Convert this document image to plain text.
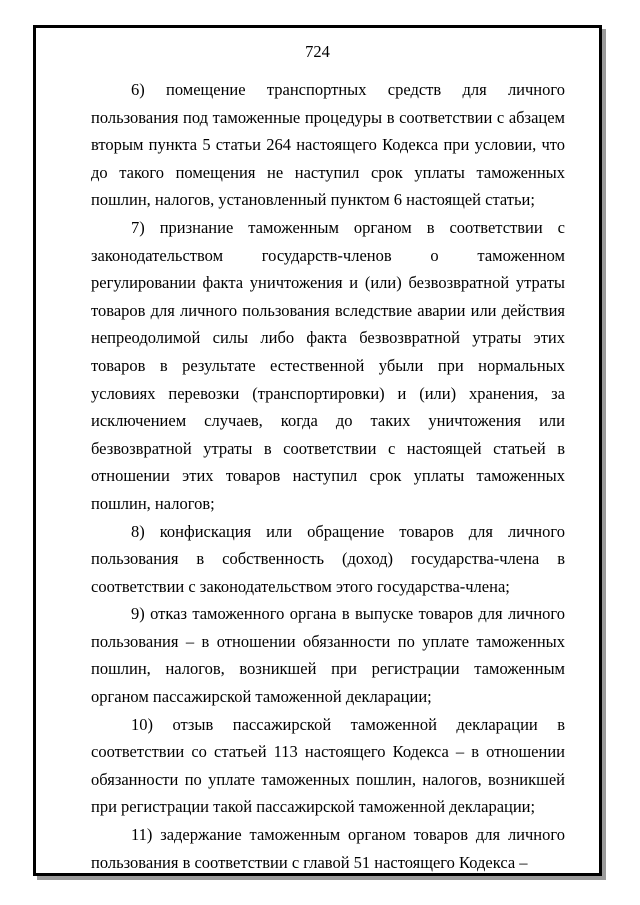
724

6) помещение транспортных средств для личного пользования под таможенные процедуры в соответствии с абзацем вторым пункта 5 статьи 264 настоящего Кодекса при условии, что до такого помещения не наступил срок уплаты таможенных пошлин, налогов, установленный пунктом 6 настоящей статьи;

7) признание таможенным органом в соответствии с законодательством государств-членов о таможенном регулировании факта уничтожения и (или) безвозвратной утраты товаров для личного пользования вследствие аварии или действия непреодолимой силы либо факта безвозвратной утраты этих товаров в результате естественной убыли при нормальных условиях перевозки (транспортировки) и (или) хранения, за исключением случаев, когда до таких уничтожения или безвозвратной утраты в соответствии с настоящей статьей в отношении этих товаров наступил срок уплаты таможенных пошлин, налогов;

8) конфискация или обращение товаров для личного пользования в собственность (доход) государства-члена в соответствии с законодательством этого государства-члена;

9) отказ таможенного органа в выпуске товаров для личного пользования – в отношении обязанности по уплате таможенных пошлин, налогов, возникшей при регистрации таможенным органом пассажирской таможенной декларации;

10) отзыв пассажирской таможенной декларации в соответствии со статьей 113 настоящего Кодекса – в отношении обязанности по уплате таможенных пошлин, налогов, возникшей при регистрации такой пассажирской таможенной декларации;

11) задержание таможенным органом товаров для личного пользования в соответствии с главой 51 настоящего Кодекса –
